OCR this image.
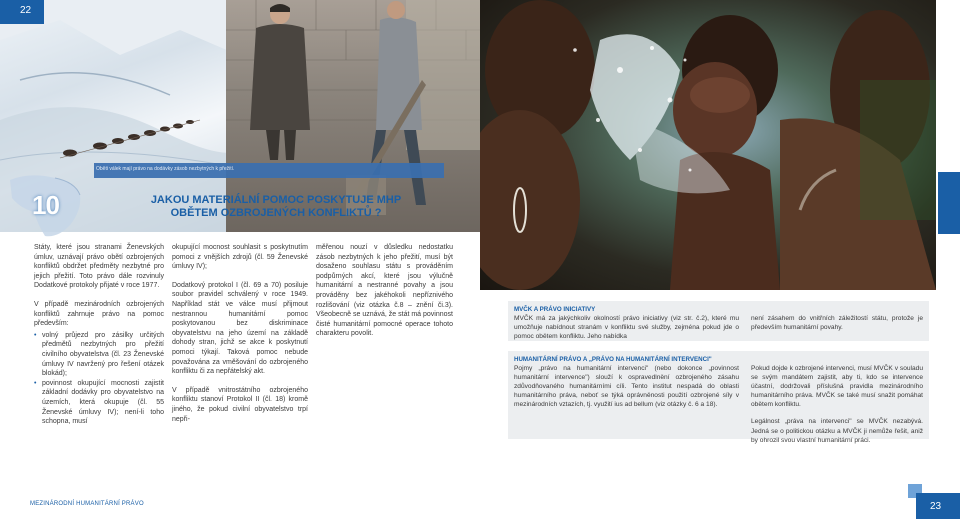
Oběti válek mají právo na dodávky zásob nezbytných k přežití.
22
10	JAKOU MATERIÁLNÍ POMOC POSKYTUJE MHP OBĚTEM OZBROJENÝCH KONFLIKTŮ ?

Státy, které jsou stranami Ženevských úmluv, uznávají právo obětí ozbrojených konfliktů obdržet předměty nezbytné pro jejich přežití. Toto právo dále rozvinuly Dodatkové protokoly přijaté v roce 1977.

V případě mezinárodních ozbrojených konfliktů zahrnuje právo na pomoc především:

• volný průjezd pro zásilky určitých předmětů nezbytných pro přežití civilního obyvatelstva (čl. 23 Ženevské úmluvy IV navržený pro řešení otázek blokád);
• povinnost okupující mocnosti zajistit základní dodávky pro obyvatelstvo na územích, která okupuje (čl. 55 Ženevské úmluvy IV); není-li toho schopna, musí

okupující mocnost souhlasit s poskytnutím pomoci z vnějších zdrojů (čl. 59 Ženevské úmluvy IV);

Dodatkový protokol I (čl. 69 a 70) posiluje soubor pravidel schválený v roce 1949. Například stát ve válce musí přijmout nestrannou humanitární pomoc poskytovanou bez diskriminace obyvatelstvu na jeho území na základě dohody stran, jichž se akce k poskytnutí pomoci týkají. Taková pomoc nebude považována za vměšování do ozbrojeného konfliktu či za nepřátelský akt.

V případě vnitrostátního ozbrojeného konfliktu stanoví Protokol II (čl. 18) kromě jiného, že pokud civilní obyvatelstvo trpí nepři-

měřenou nouzí v důsledku nedostatku zásob nezbytných k jeho přežití, musí být dosaženo souhlasu státu s prováděním podpůrných akcí, které jsou výlučně humanitární a nestranné povahy a jsou prováděny bez jakéhokoli nepříznivého rozlišování (viz otázka č.8 – znění či.3). Všeobecně se uznává, že stát má povinnost čisté humanitární pomocné operace tohoto charakteru povolit.

MEZINÁRODNÍ HUMANITÁRNÍ PRÁVO
MVČK A PRÁVO INICIATIVY

MVČK má za jakýchkoliv okolností právo iniciativy (viz str. č.2), které mu umožňuje nabídnout stranám v konfliktu své služby, zejména pokud jde o pomoc obětem konfliktu. Jeho nabídka

není zásahem do vnitřních záležitostí státu, protože je především humanitární povahy.

HUMANITÁRNÍ PRÁVO A „PRÁVO NA HUMANITÁRNÍ INTERVENCI"

Pojmy „právo na humanitární intervenci" (nebo dokonce „povinnost humanitární intervence") slouží k ospravedlnění ozbrojeného zásahu zdůvodňovaného humanitárními cíli. Tento institut nespadá do oblasti humanitárního práva, neboť se týká oprávněnosti použití ozbrojené síly v mezinárodních vztazích, tj. využití ius ad bellum (viz otázky č. 6 a 18).

Pokud dojde k ozbrojené intervenci, musí MVČK v souladu se svým mandátem zajistit, aby ti, kdo se intervence účastní, dodržovali příslušná pravidla mezinárodního humanitárního práva. MVČK se také musí snažit pomáhat obětem konfliktu.

Legálnost „práva na intervenci" se MVČK nezabývá. Jedná se o politickou otázku a MVČK ji nemůže řešit, aniž by ohrozil svou vlastní humanitární práci.

23
